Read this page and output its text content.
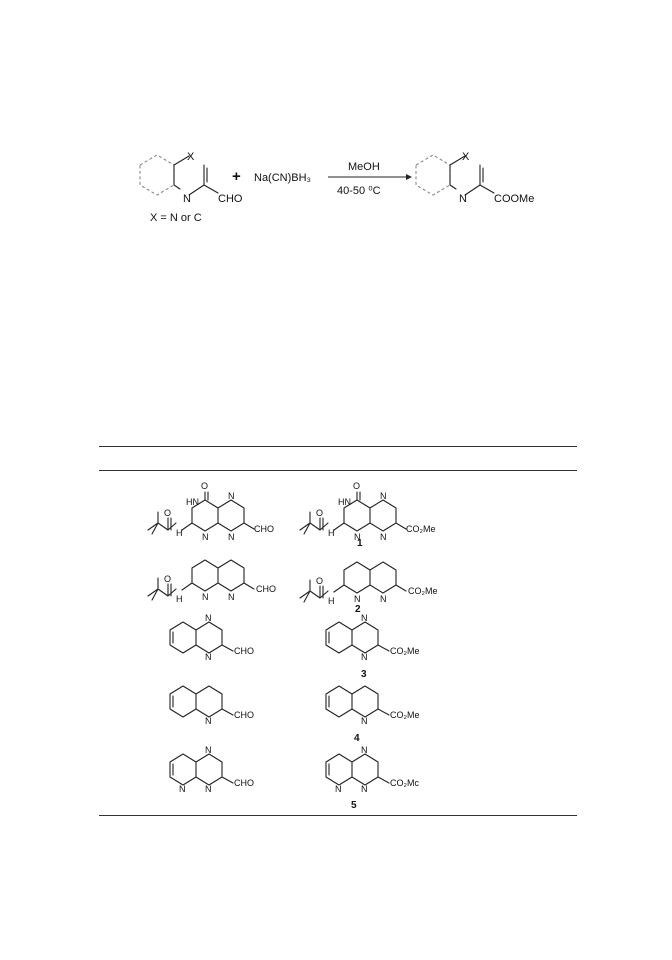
X
N CHO
X = N or C
+ Na(CN)BH₃
MeOH
40-50 ⁰C
X
N COOMe
O
H
HN
O
N N
N
CHO
O
H
HN
O
N N
N
CO₂Me
1
O
H N N
CHO
O
H N N
CO₂Me
2
N
N
CHO
N
N
CO₂Me
3
N
CHO
N
CO₂Me
4
N
N N
CHO
N
N N
CO₂Mc
5
